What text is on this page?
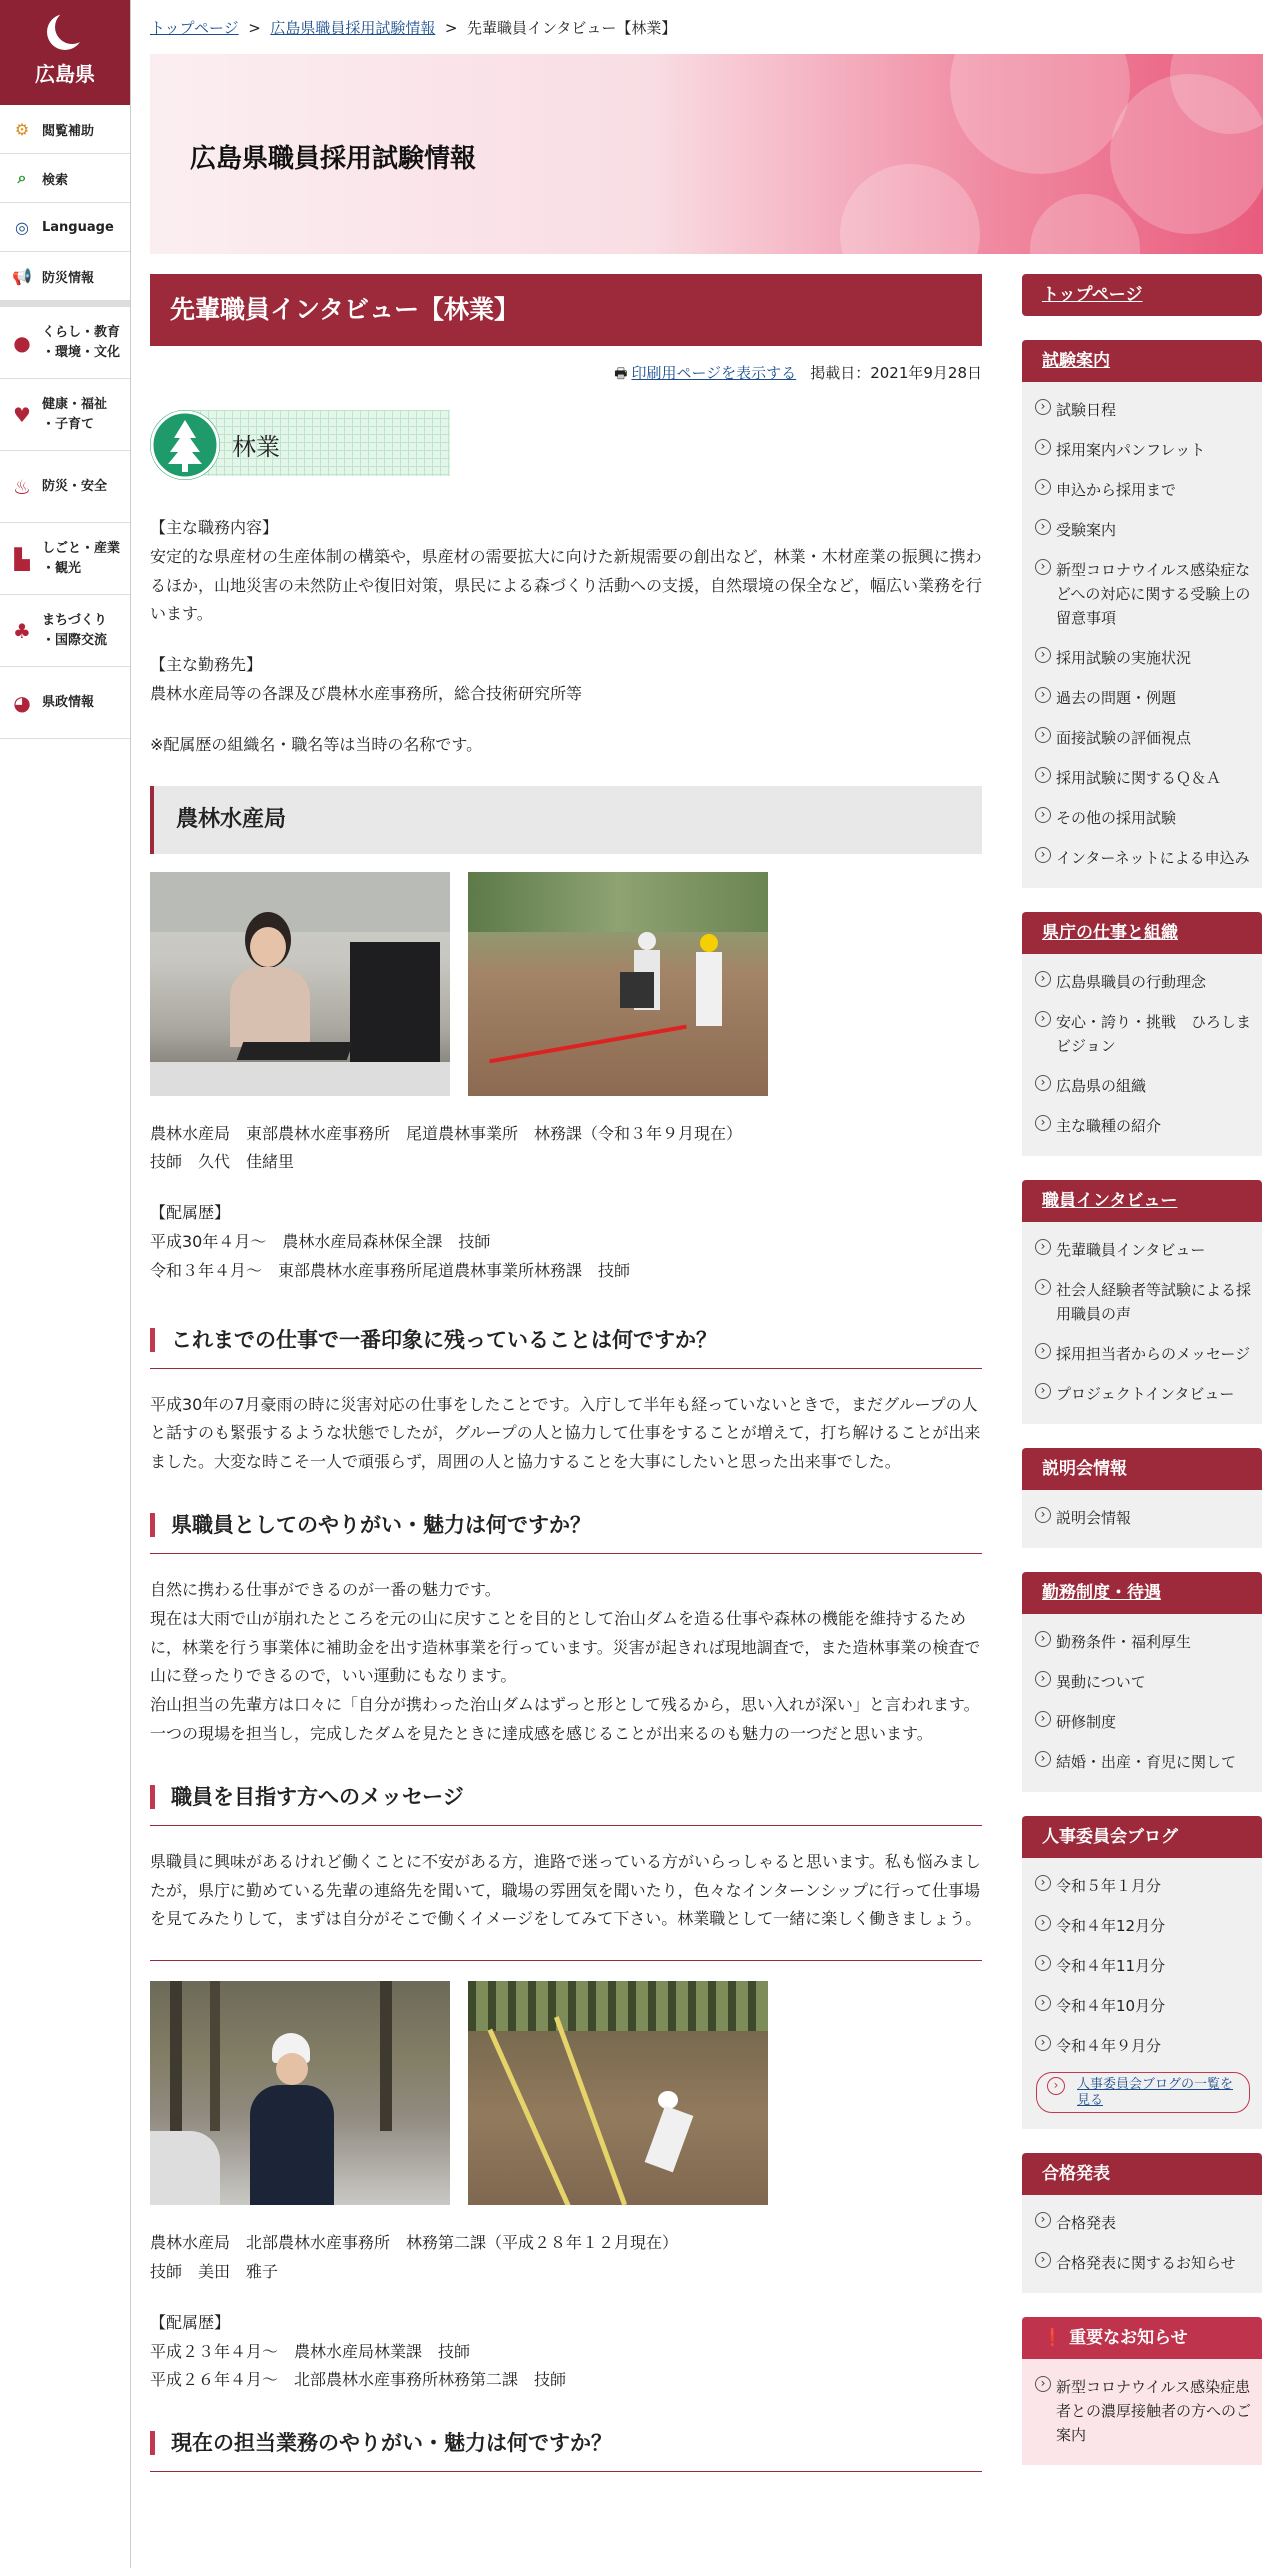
広島県
⚙ 閲覧補助
⌕	検索
◎	Language
📢 防災情報
● くらし・教育
・環境・文化
♥ 健康・福祉
・子育て
♨ 防災・安全
▙ しごと・産業
・観光
♣ まちづくり
・国際交流
◕ 県政情報
トップページ  >  広島県職員採用試験情報  >  先輩職員インタビュー【林業】
広島県職員採用試験情報
先輩職員インタビュー【林業】
🖶 印刷用ページを表示する 掲載日：2021年9月28日
林業
【主な職務内容】
安定的な県産材の生産体制の構築や，県産材の需要拡大に向けた新規需要の創出など，林業・木材産業の振興に携わるほか，山地災害の未然防止や復旧対策，県民による森づくり活動への支援，自然環境の保全など，幅広い業務を行います。
【主な勤務先】
農林水産局等の各課及び農林水産事務所，総合技術研究所等
※配属歴の組織名・職名等は当時の名称です。
農林水産局
農林水産局　東部農林水産事務所　尾道農林事業所　林務課（令和３年９月現在）
技師　久代　佳緒里
【配属歴】
平成30年４月～　農林水産局森林保全課　技師
令和３年４月～　東部農林水産事務所尾道農林事業所林務課　技師
これまでの仕事で一番印象に残っていることは何ですか？
平成30年の7月豪雨の時に災害対応の仕事をしたことです。入庁して半年も経っていないときで，まだグループの人と話すのも緊張するような状態でしたが，グループの人と協力して仕事をすることが増えて，打ち解けることが出来ました。大変な時こそ一人で頑張らず，周囲の人と協力することを大事にしたいと思った出来事でした。
県職員としてのやりがい・魅力は何ですか？
自然に携わる仕事ができるのが一番の魅力です。
現在は大雨で山が崩れたところを元の山に戻すことを目的として治山ダムを造る仕事や森林の機能を維持するために，林業を行う事業体に補助金を出す造林事業を行っています。災害が起きれば現地調査で，また造林事業の検査で山に登ったりできるので，いい運動にもなります。
治山担当の先輩方は口々に「自分が携わった治山ダムはずっと形として残るから，思い入れが深い」と言われます。一つの現場を担当し，完成したダムを見たときに達成感を感じることが出来るのも魅力の一つだと思います。
職員を目指す方へのメッセージ
県職員に興味があるけれど働くことに不安がある方，進路で迷っている方がいらっしゃると思います。私も悩みましたが，県庁に勤めている先輩の連絡先を聞いて，職場の雰囲気を聞いたり，色々なインターンシップに行って仕事場を見てみたりして，まずは自分がそこで働くイメージをしてみて下さい。林業職として一緒に楽しく働きましょう。
農林水産局　北部農林水産事務所　林務第二課（平成２８年１２月現在）
技師　美田　雅子
【配属歴】
平成２３年４月～　農林水産局林業課　技師
平成２６年４月～　北部農林水産事務所林務第二課　技師
現在の担当業務のやりがい・魅力は何ですか？
トップページ
試験案内
› 試験日程
› 採用案内パンフレット
› 申込から採用まで
› 受験案内
› 新型コロナウイルス感染症などへの対応に関する受験上の留意事項
› 採用試験の実施状況
› 過去の問題・例題
› 面接試験の評価視点
› 採用試験に関するＱ＆Ａ
› その他の採用試験
› インターネットによる申込み
県庁の仕事と組織
› 広島県職員の行動理念
› 安心・誇り・挑戦　ひろしまビジョン
› 広島県の組織
› 主な職種の紹介
職員インタビュー
› 先輩職員インタビュー
› 社会人経験者等試験による採用職員の声
› 採用担当者からのメッセージ
› プロジェクトインタビュー
説明会情報
› 説明会情報
勤務制度・待遇
› 勤務条件・福利厚生
› 異動について
› 研修制度
› 結婚・出産・育児に関して
人事委員会ブログ
› 令和５年１月分
› 令和４年12月分
› 令和４年11月分
› 令和４年10月分
› 令和４年９月分
› 人事委員会ブログの一覧を見る
合格発表
› 合格発表
› 合格発表に関するお知らせ
❗ 重要なお知らせ
› 新型コロナウイルス感染症患者との濃厚接触者の方へのご案内
